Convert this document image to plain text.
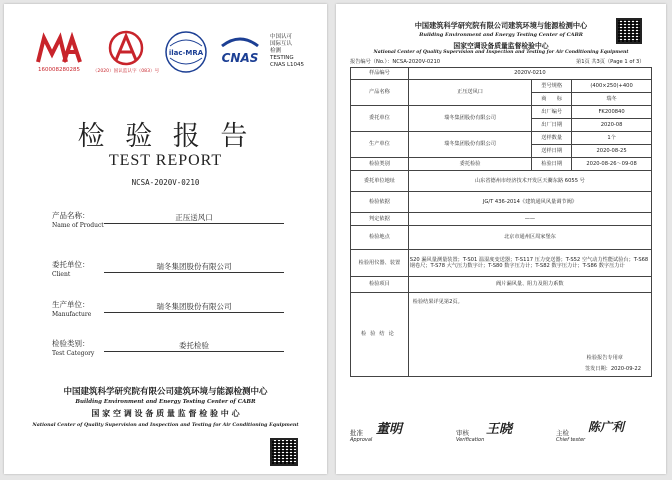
160008280285	（2020）国认监认字（083）号
ilac-MRA CNAS
中国认可
国际互认
检测
TESTING
CNAS L1045
检 验 报 告
TEST REPORT
NCSA-2020V-0210
产品名称：
Name of Product
正压送风口
委托单位：
Client
瑞冬集团股份有限公司
生产单位：
Manufacture
瑞冬集团股份有限公司
检验类别：
Test Category
委托检验
中国建筑科学研究院有限公司建筑环境与能源检测中心
Building Environment and Energy Testing Center of CABR
国 家 空 调 设 备 质 量 监 督 检 验 中 心
National Center of Quality Supervision and Inspection and Testing for Air Conditioning Equipment
中国建筑科学研究院有限公司建筑环境与能源检测中心
Building Environment and Energy Testing Center of CABR
国家空调设备质量监督检验中心
National Center of Quality Supervision and Inspection and Testing for Air Conditioning Equipment
报告编号（No.）：NCSA-2020V-0210	第1页 共3页（Page 1 of 3）
样品编号	2020V-0210		
产品名称	正压送风口	型号规格	(400×250)+400
		商　　标	瑞冬
委托单位	瑞冬集团股份有限公司	出厂编号	FK200840
		出厂日期	2020-08
生产单位	瑞冬集团股份有限公司	送样数量	1个
		送样日期	2020-08-25
检验类别	委托检验	检验日期	2020-08-26～09-08
委托单位地址	山东省德州市经济技术开发区天衢东路 6055 号		
检验依据	JG/T 436-2014《建筑通风风量调节阀》		
判定依据	——		
检验地点	北京市通州区周家堡东		
检验用仪器、装置	S20 漏风量测量装置；T-S01 温湿度变送器；T-S117 压力变送器；T-S52 空气动力性能试验台；T-S68 钢卷尺；T-S78 大气压力数字计；T-S80 数字压力计；T-S82 数字压力计；T-S86 数字压力计		
检验项目	阀片漏风量、阻力及阻力系数		
检验结论	检验结果详见第2页。
检验报告专用章
签发日期：2020-09-22		
批准
Approval
董明	审核
Verification
王晓	主检
Chief tester
陈广利
